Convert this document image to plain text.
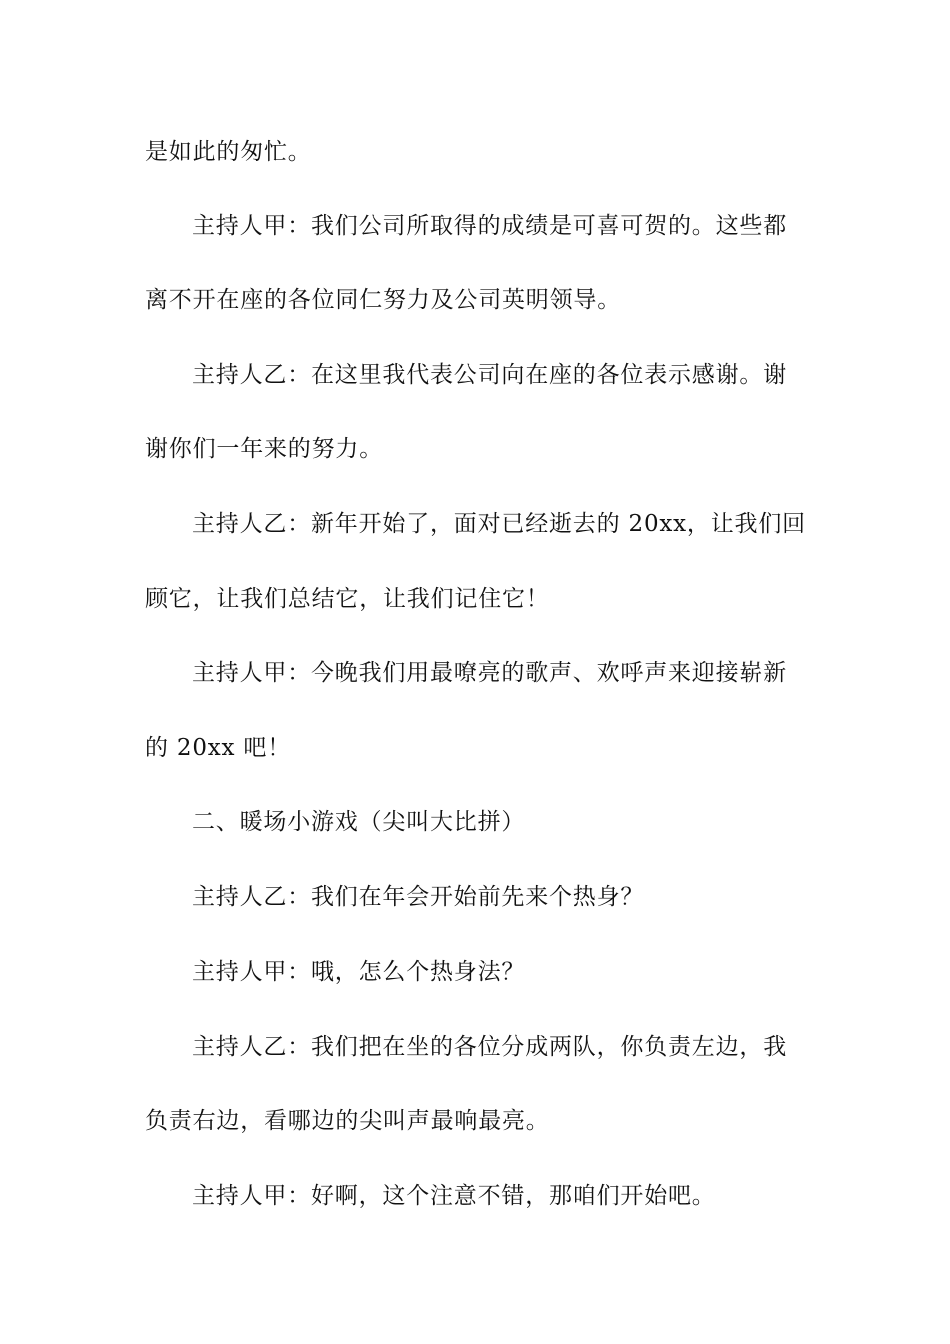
是如此的匆忙。
主持人甲：我们公司所取得的成绩是可喜可贺的。这些都
离不开在座的各位同仁努力及公司英明领导。
主持人乙：在这里我代表公司向在座的各位表示感谢。谢
谢你们一年来的努力。
主持人乙：新年开始了，面对已经逝去的 20xx，让我们回
顾它，让我们总结它，让我们记住它！
主持人甲：今晚我们用最嘹亮的歌声、欢呼声来迎接崭新
的 20xx 吧！
二、暖场小游戏（尖叫大比拼）
主持人乙：我们在年会开始前先来个热身？
主持人甲：哦，怎么个热身法？
主持人乙：我们把在坐的各位分成两队，你负责左边，我
负责右边，看哪边的尖叫声最响最亮。
主持人甲：好啊，这个注意不错，那咱们开始吧。
